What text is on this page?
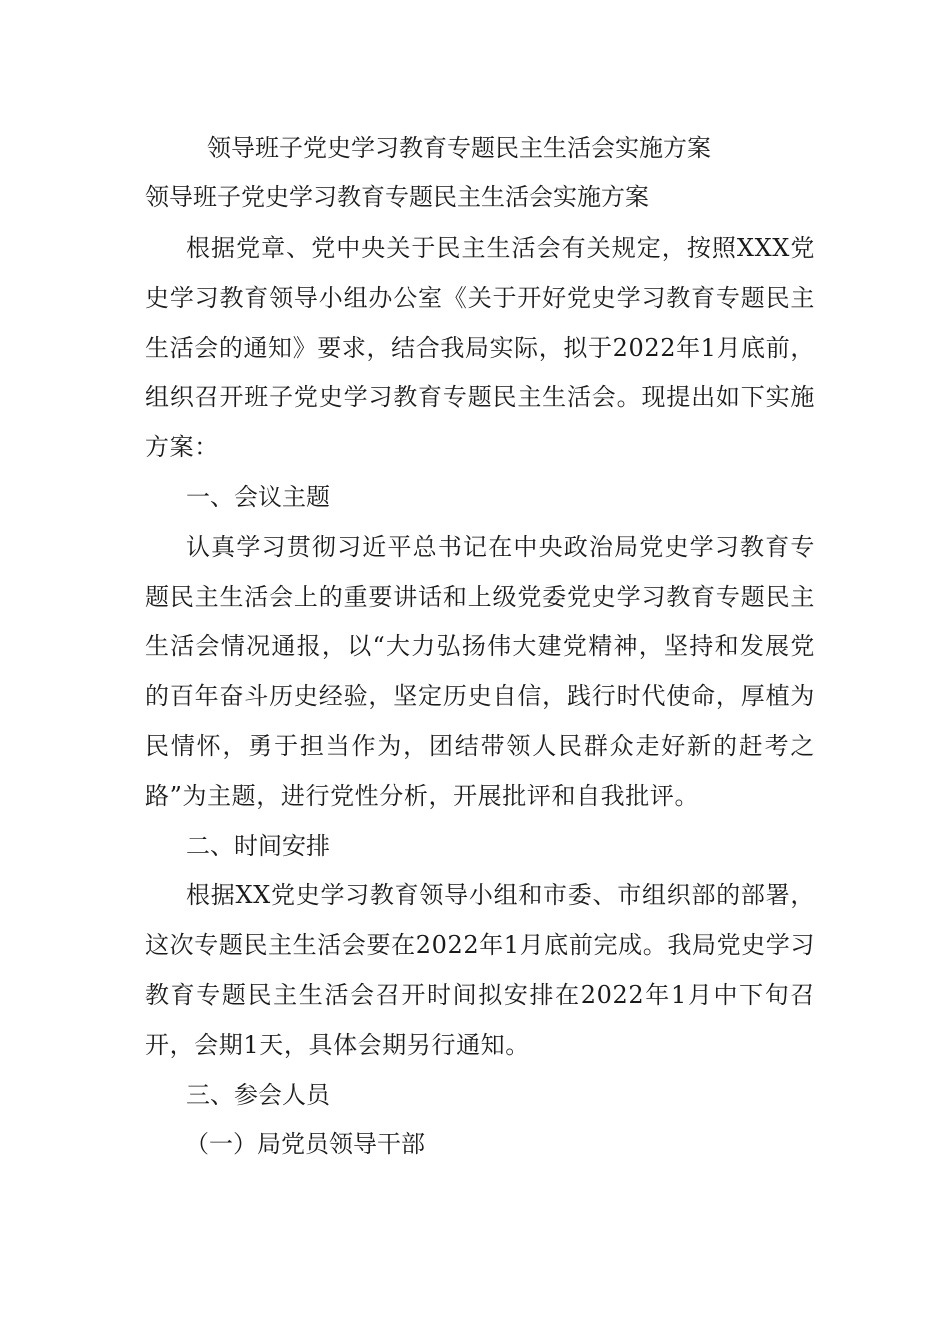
领导班子党史学习教育专题民主生活会实施方案
领导班子党史学习教育专题民主生活会实施方案

根据党章、党中央关于民主生活会有关规定，按照XXX党史学习教育领导小组办公室《关于开好党史学习教育专题民主生活会的通知》要求，结合我局实际，拟于2022年1月底前，组织召开班子党史学习教育专题民主生活会。现提出如下实施方案：

一、会议主题

认真学习贯彻习近平总书记在中央政治局党史学习教育专题民主生活会上的重要讲话和上级党委党史学习教育专题民主生活会情况通报，以“大力弘扬伟大建党精神，坚持和发展党的百年奋斗历史经验，坚定历史自信，践行时代使命，厚植为民情怀，勇于担当作为，团结带领人民群众走好新的赶考之路”为主题，进行党性分析，开展批评和自我批评。

二、时间安排

根据XX党史学习教育领导小组和市委、市组织部的部署，这次专题民主生活会要在2022年1月底前完成。我局党史学习教育专题民主生活会召开时间拟安排在2022年1月中下旬召开，会期1天，具体会期另行通知。

三、参会人员
（一）局党员领导干部
